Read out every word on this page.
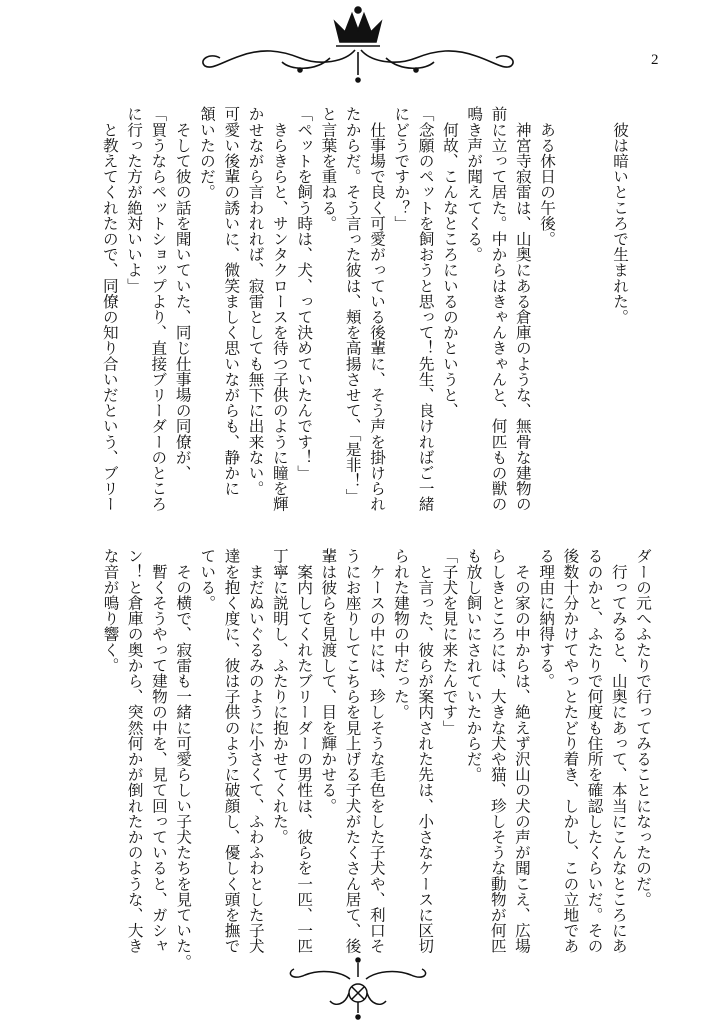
2
　彼は暗いところで生まれた。
　ある休日の午後。
　神宮寺寂雷は、山奥にある倉庫のような、無骨な建物の
前に立って居た。中からはきゃんきゃんと、何匹もの獣の
鳴き声が聞えてくる。
　何故、こんなところにいるのかというと、
「念願のペットを飼おうと思って！先生、良ければご一緒
にどうですか？」
　仕事場で良く可愛がっている後輩に、そう声を掛けられ
たからだ。そう言った彼は、頬を高揚させて、「是非！」
と言葉を重ねる。
「ペットを飼う時は、犬、って決めていたんです！」
　きらきらと、サンタクロースを待つ子供のように瞳を輝
かせながら言われれば、寂雷としても無下に出来ない。
可愛い後輩の誘いに、微笑ましく思いながらも、静かに
頷いたのだ。
　そして彼の話を聞いていた、同じ仕事場の同僚が、
「買うならペットショップより、直接ブリーダーのところ
に行った方が絶対いいよ」
　と教えてくれたので、同僚の知り合いだという、ブリー
ダーの元へふたりで行ってみることになったのだ。
　行ってみると、山奥にあって、本当にこんなところにあ
るのかと、ふたりで何度も住所を確認したくらいだ。その
後数十分かけてやっとたどり着き、しかし、この立地であ
る理由に納得する。
　その家の中からは、絶えず沢山の犬の声が聞こえ、広場
らしきところには、大きな犬や猫、珍しそうな動物が何匹
も放し飼いにされていたからだ。
「子犬を見に来たんです」
　と言った、彼らが案内された先は、小さなケースに区切
られた建物の中だった。
　ケースの中には、珍しそうな毛色をした子犬や、利口そ
うにお座りしてこちらを見上げる子犬がたくさん居て、後
輩は彼らを見渡して、目を輝かせる。
　案内してくれたブリーダーの男性は、彼らを一匹、一匹
丁寧に説明し、ふたりに抱かせてくれた。
　まだぬいぐるみのように小さくて、ふわふわとした子犬
達を抱く度に、彼は子供のように破顔し、優しく頭を撫で
ている。
　その横で、寂雷も一緒に可愛らしい子犬たちを見ていた。
　暫くそうやって建物の中を、見て回っていると、ガシャ
ン！と倉庫の奥から、突然何かが倒れたかのような、大き
な音が鳴り響く。
